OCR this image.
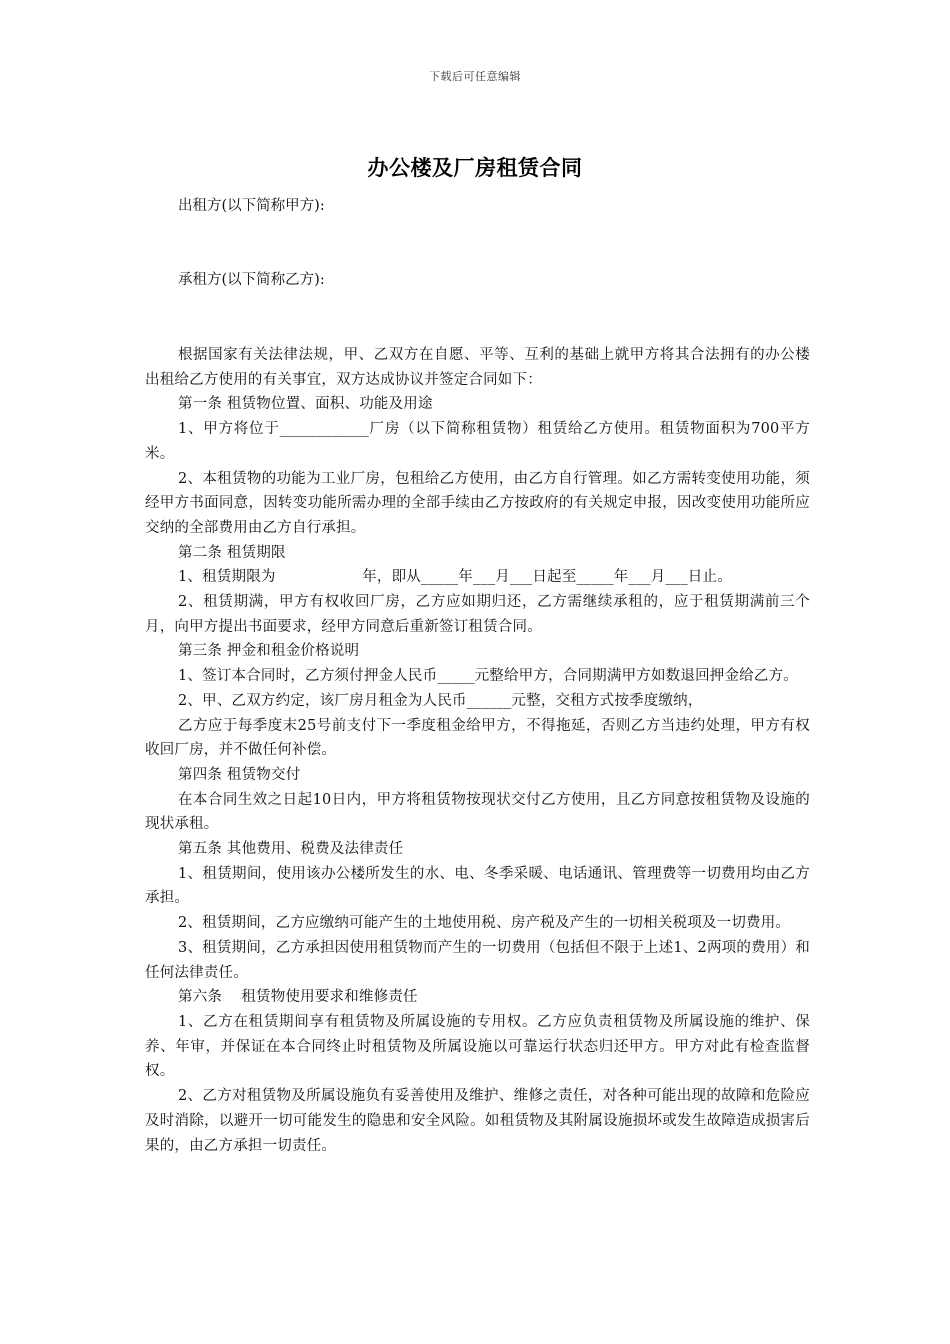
下载后可任意编辑
办公楼及厂房租赁合同
出租方(以下简称甲方):
承租方(以下简称乙方):

根据国家有关法律法规，甲、乙双方在自愿、平等、互利的基础上就甲方将其合法拥有的办公楼出租给乙方使用的有关事宜，双方达成协议并签定合同如下：

第一条 租赁物位置、面积、功能及用途

1、甲方将位于____________厂房（以下简称租赁物）租赁给乙方使用。租赁物面积为700平方米。

2、本租赁物的功能为工业厂房，包租给乙方使用，由乙方自行管理。如乙方需转变使用功能，须经甲方书面同意，因转变功能所需办理的全部手续由乙方按政府的有关规定申报，因改变使用功能所应交纳的全部费用由乙方自行承担。

第二条 租赁期限

1、租赁期限为                  年，即从_____年___月___日起至_____年___月___日止。

2、租赁期满，甲方有权收回厂房，乙方应如期归还，乙方需继续承租的，应于租赁期满前三个月，向甲方提出书面要求，经甲方同意后重新签订租赁合同。

第三条 押金和租金价格说明

1、签订本合同时，乙方须付押金人民币_____元整给甲方，合同期满甲方如数退回押金给乙方。

2、甲、乙双方约定，该厂房月租金为人民币______元整，交租方式按季度缴纳，

乙方应于每季度末25号前支付下一季度租金给甲方，不得拖延，否则乙方当违约处理，甲方有权收回厂房，并不做任何补偿。

第四条 租赁物交付

在本合同生效之日起10日内，甲方将租赁物按现状交付乙方使用，且乙方同意按租赁物及设施的现状承租。

第五条 其他费用、税费及法律责任

1、租赁期间，使用该办公楼所发生的水、电、冬季采暖、电话通讯、管理费等一切费用均由乙方承担。

2、租赁期间，乙方应缴纳可能产生的土地使用税、房产税及产生的一切相关税项及一切费用。

3、租赁期间，乙方承担因使用租赁物而产生的一切费用（包括但不限于上述1、2两项的费用）和任何法律责任。

第六条    租赁物使用要求和维修责任

1、乙方在租赁期间享有租赁物及所属设施的专用权。乙方应负责租赁物及所属设施的维护、保养、年审，并保证在本合同终止时租赁物及所属设施以可靠运行状态归还甲方。甲方对此有检查监督权。

2、乙方对租赁物及所属设施负有妥善使用及维护、维修之责任，对各种可能出现的故障和危险应及时消除，以避开一切可能发生的隐患和安全风险。如租赁物及其附属设施损坏或发生故障造成损害后果的，由乙方承担一切责任。
